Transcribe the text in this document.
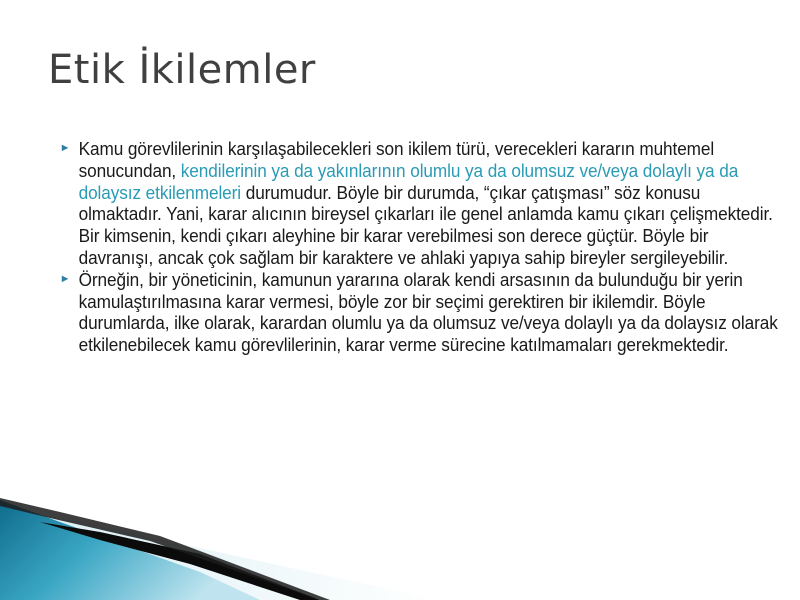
Etik İkilemler
► Kamu görevlilerinin karşılaşabilecekleri son ikilem türü, verecekleri kararın muhtemel sonucundan, kendilerinin ya da yakınlarının olumlu ya da olumsuz ve/veya dolaylı ya da dolaysız etkilenmeleri durumudur. Böyle bir durumda, “çıkar çatışması” söz konusu olmaktadır. Yani, karar alıcının bireysel çıkarları ile genel anlamda kamu çıkarı çelişmektedir. Bir kimsenin, kendi çıkarı aleyhine bir karar verebilmesi son derece güçtür. Böyle bir davranışı, ancak çok sağlam bir karaktere ve ahlaki yapıya sahip bireyler sergileyebilir.
► Örneğin, bir yöneticinin, kamunun yararına olarak kendi arsasının da bulunduğu bir yerin kamulaştırılmasına karar vermesi, böyle zor bir seçimi gerektiren bir ikilemdir. Böyle durumlarda, ilke olarak, karardan olumlu ya da olumsuz ve/veya dolaylı ya da dolaysız olarak etkilenebilecek kamu görevlilerinin, karar verme sürecine katılmamaları gerekmektedir.
